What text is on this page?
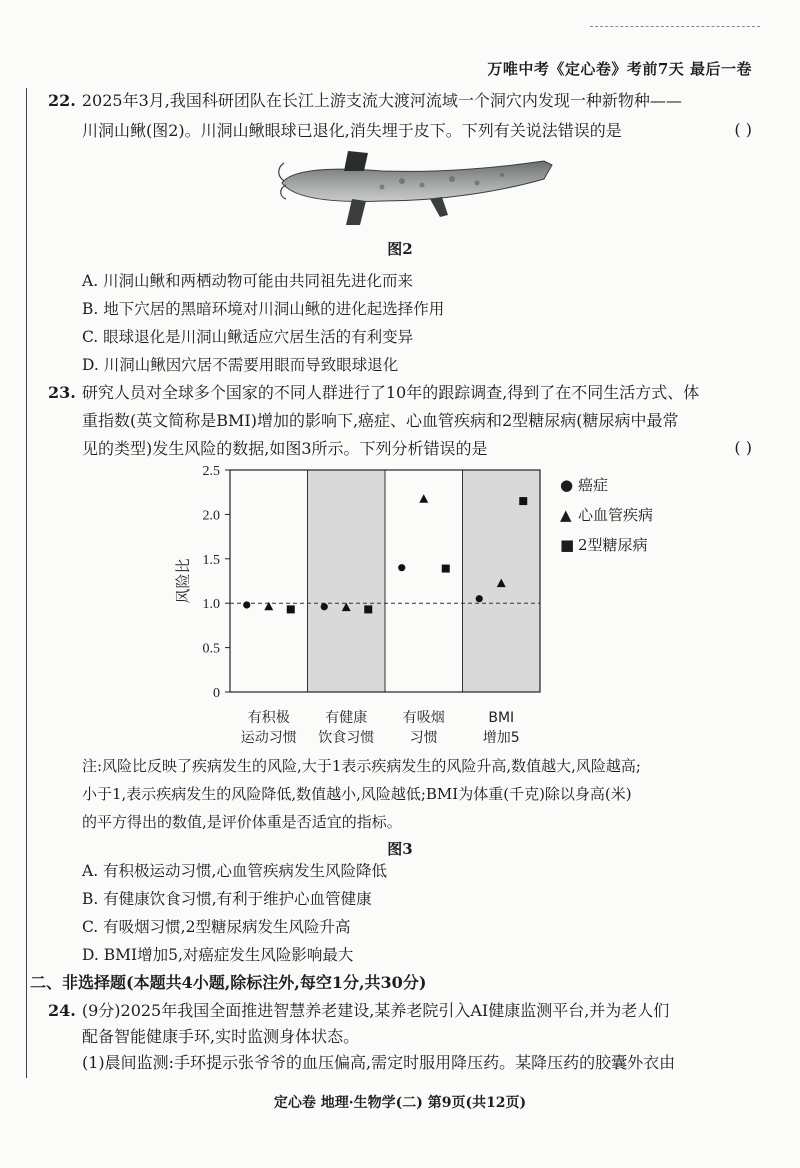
万唯中考《定心卷》考前7天 最后一卷
22. 2025年3月,我国科研团队在长江上游支流大渡河流域一个洞穴内发现一种新物种——
川洞山鳅(图2)。川洞山鳅眼球已退化,消失埋于皮下。下列有关说法错误的是	( )
图2
A. 川洞山鳅和两栖动物可能由共同祖先进化而来
B. 地下穴居的黑暗环境对川洞山鳅的进化起选择作用
C. 眼球退化是川洞山鳅适应穴居生活的有利变异
D. 川洞山鳅因穴居不需要用眼而导致眼球退化
23. 研究人员对全球多个国家的不同人群进行了10年的跟踪调查,得到了在不同生活方式、体
重指数(英文简称是BMI)增加的影响下,癌症、心血管疾病和2型糖尿病(糖尿病中最常
见的类型)发生风险的数据,如图3所示。下列分析错误的是	( )
0
0.5
1.0
1.5
2.0
2.5
风险比
有积极
运动习惯
有健康
饮食习惯
有吸烟
习惯
BMI
增加5
● 癌症
▲ 心血管疾病
■ 2型糖尿病
注:风险比反映了疾病发生的风险,大于1表示疾病发生的风险升高,数值越大,风险越高;
小于1,表示疾病发生的风险降低,数值越小,风险越低;BMI为体重(千克)除以身高(米)
的平方得出的数值,是评价体重是否适宜的指标。
图3
A. 有积极运动习惯,心血管疾病发生风险降低
B. 有健康饮食习惯,有利于维护心血管健康
C. 有吸烟习惯,2型糖尿病发生风险升高
D. BMI增加5,对癌症发生风险影响最大
二、非选择题(本题共4小题,除标注外,每空1分,共30分)
24. (9分)2025年我国全面推进智慧养老建设,某养老院引入AI健康监测平台,并为老人们
配备智能健康手环,实时监测身体状态。
(1)晨间监测:手环提示张爷爷的血压偏高,需定时服用降压药。某降压药的胶囊外衣由
定心卷 地理·生物学(二) 第9页(共12页)
